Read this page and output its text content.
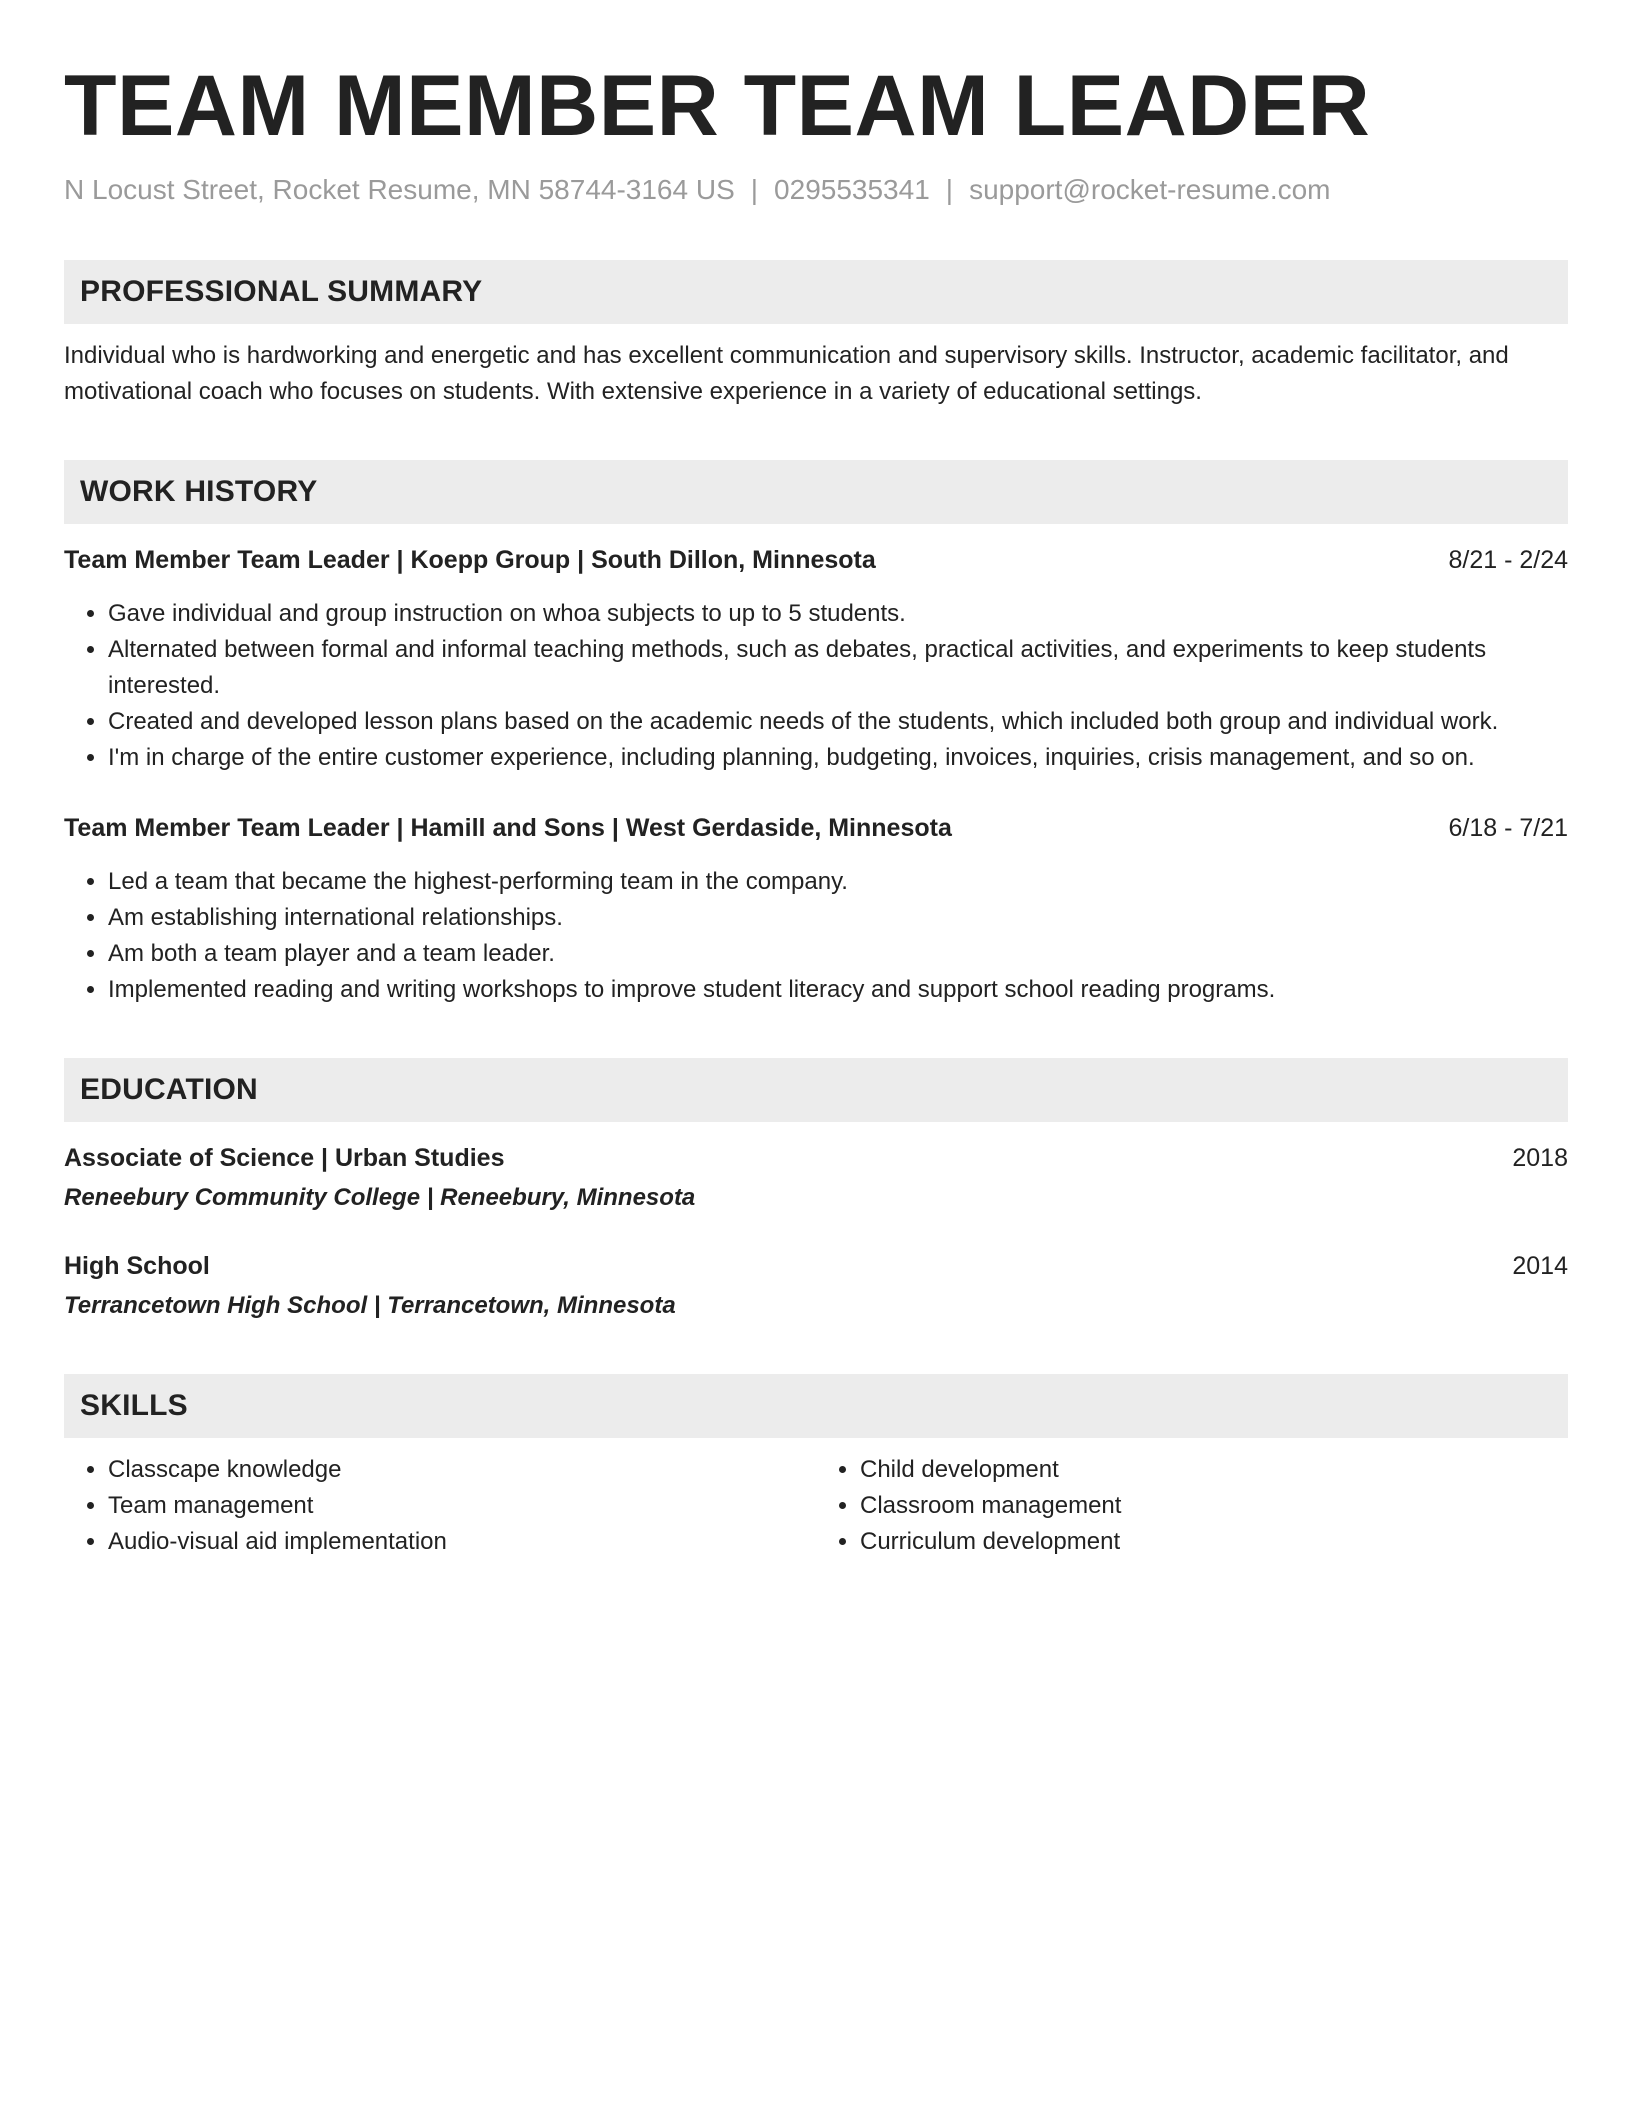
TEAM MEMBER TEAM LEADER
N Locust Street, Rocket Resume, MN 58744-3164 US | 0295535341 | support@rocket-resume.com
PROFESSIONAL SUMMARY
Individual who is hardworking and energetic and has excellent communication and supervisory skills. Instructor, academic facilitator, and motivational coach who focuses on students. With extensive experience in a variety of educational settings.
WORK HISTORY
Team Member Team Leader | Koepp Group | South Dillon, Minnesota	8/21 - 2/24
• Gave individual and group instruction on whoa subjects to up to 5 students.
• Alternated between formal and informal teaching methods, such as debates, practical activities, and experiments to keep students interested.
• Created and developed lesson plans based on the academic needs of the students, which included both group and individual work.
• I'm in charge of the entire customer experience, including planning, budgeting, invoices, inquiries, crisis management, and so on.
Team Member Team Leader | Hamill and Sons | West Gerdaside, Minnesota	6/18 - 7/21
• Led a team that became the highest-performing team in the company.
• Am establishing international relationships.
• Am both a team player and a team leader.
• Implemented reading and writing workshops to improve student literacy and support school reading programs.
EDUCATION
Associate of Science | Urban Studies	2018
Reneebury Community College | Reneebury, Minnesota
High School	2014
Terrancetown High School | Terrancetown, Minnesota
SKILLS
• Classcape knowledge
• Team management
• Audio-visual aid implementation
• Child development
• Classroom management
• Curriculum development
